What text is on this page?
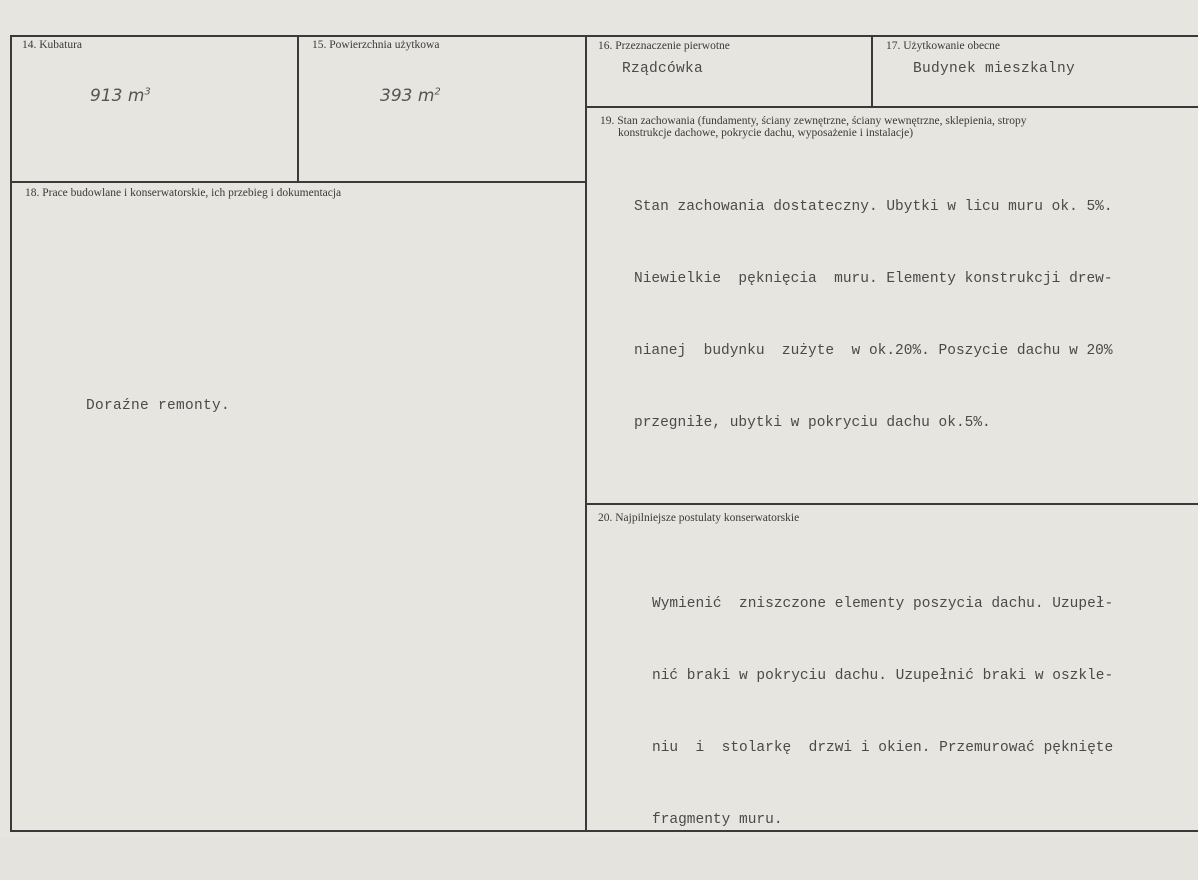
14. Kubatura
913 $m^3$
15. Powierzchnia użytkowa
393 $m^2$
16. Przeznaczenie pierwotne
Rządcówka
17. Użytkowanie obecne
Budynek mieszkalny
18. Prace budowlane i konserwatorskie, ich przebieg i dokumentacja
Doraźne remonty.
19. Stan zachowania (fundamenty, ściany zewnętrzne, ściany wewnętrzne, sklepienia, stropy
konstrukcje dachowe, pokrycie dachu, wyposażenie i instalacje)

Stan zachowania dostateczny. Ubytki w licu muru ok. 5%.

Niewielkie  pęknięcia  muru. Elementy konstrukcji drew-

nianej  budynku  zużyte  w ok.20%. Poszycie dachu w 20%

przegniłe, ubytki w pokryciu dachu ok.5%.

20. Najpilniejsze postulaty konserwatorskie

Wymienić  zniszczone elementy poszycia dachu. Uzupeł-

nić braki w pokryciu dachu. Uzupełnić braki w oszkle-

niu  i  stolarkę  drzwi i okien. Przemurować pęknięte

fragmenty muru.
